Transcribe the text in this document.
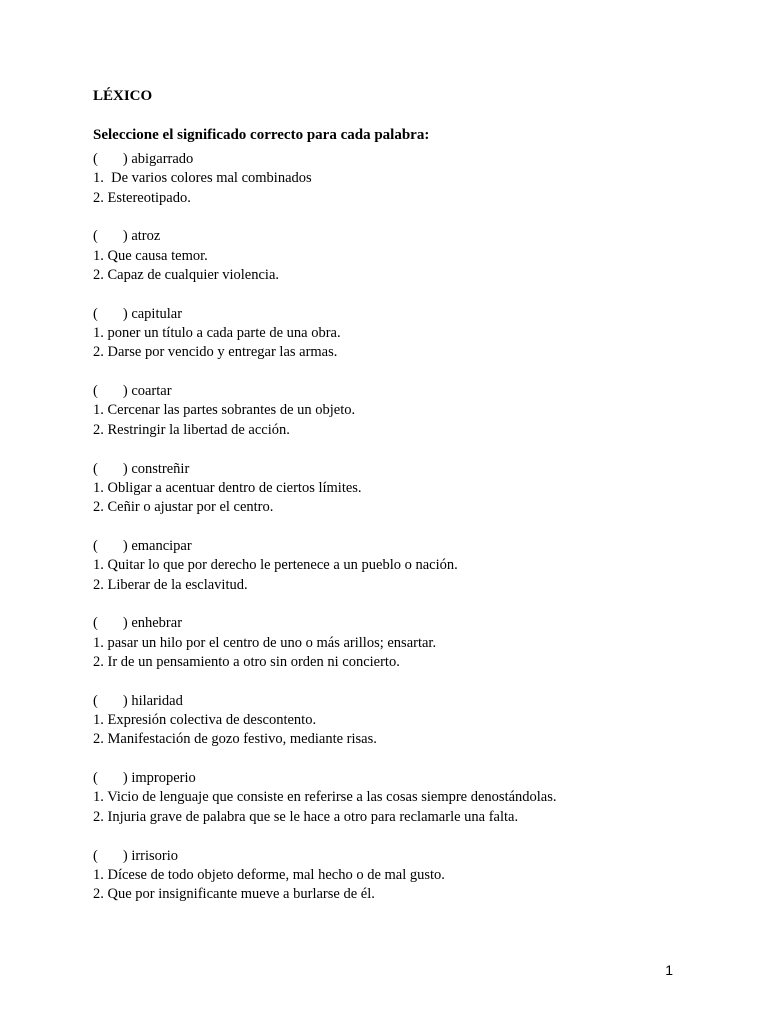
LÉXICO

Seleccione el significado correcto para cada palabra:

( ) abigarrado
1.  De varios colores mal combinados
2. Estereotipado.
( ) atroz
1. Que causa temor.
2. Capaz de cualquier violencia.
( ) capitular
1. poner un título a cada parte de una obra.
2. Darse por vencido y entregar las armas.
( ) coartar
1. Cercenar las partes sobrantes de un objeto.
2. Restringir la libertad de acción.
( ) constreñir
1. Obligar a acentuar dentro de ciertos límites.
2. Ceñir o ajustar por el centro.
( ) emancipar
1. Quitar lo que por derecho le pertenece a un pueblo o nación.
2. Liberar de la esclavitud.
( ) enhebrar
1. pasar un hilo por el centro de uno o más arillos; ensartar.
2. Ir de un pensamiento a otro sin orden ni concierto.
( ) hilaridad
1. Expresión colectiva de descontento.
2. Manifestación de gozo festivo, mediante risas.
( ) improperio
1. Vicio de lenguaje que consiste en referirse a las cosas siempre denostándolas.
2. Injuria grave de palabra que se le hace a otro para reclamarle una falta.
( ) irrisorio
1. Dícese de todo objeto deforme, mal hecho o de mal gusto.
2. Que por insignificante mueve a burlarse de él.
1
